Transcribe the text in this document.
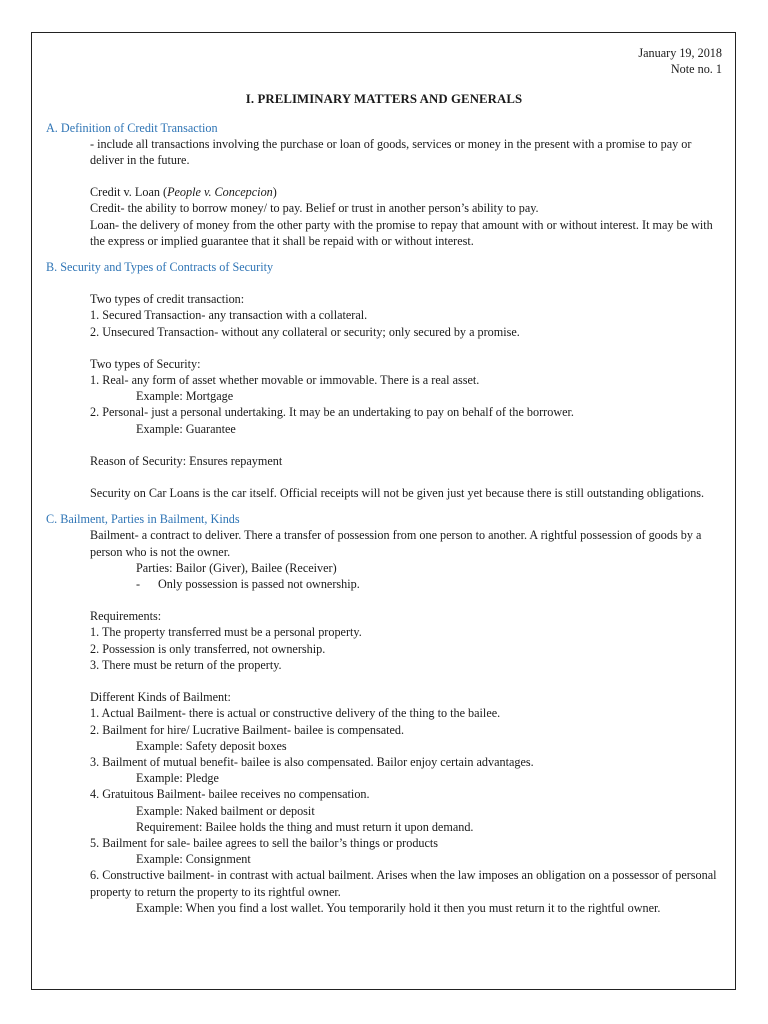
January 19, 2018
Note no. 1
I. PRELIMINARY MATTERS AND GENERALS
A. Definition of Credit Transaction
- include all transactions involving the purchase or loan of goods, services or money in the present with a promise to pay or deliver in the future.
Credit v. Loan (People v. Concepcion)
Credit- the ability to borrow money/ to pay. Belief or trust in another person’s ability to pay.
Loan- the delivery of money from the other party with the promise to repay that amount with or without interest. It may be with the express or implied guarantee that it shall be repaid with or without interest.
B. Security and Types of Contracts of Security
Two types of credit transaction:
1. Secured Transaction- any transaction with a collateral.
2. Unsecured Transaction- without any collateral or security; only secured by a promise.
Two types of Security:
1. Real- any form of asset whether movable or immovable. There is a real asset.
Example: Mortgage
2. Personal- just a personal undertaking. It may be an undertaking to pay on behalf of the borrower.
Example: Guarantee
Reason of Security: Ensures repayment
Security on Car Loans is the car itself. Official receipts will not be given just yet because there is still outstanding obligations.
C. Bailment, Parties in Bailment, Kinds
Bailment- a contract to deliver. There a transfer of possession from one person to another. A rightful possession of goods by a person who is not the owner.
Parties: Bailor (Giver), Bailee (Receiver)
- Only possession is passed not ownership.
Requirements:
1. The property transferred must be a personal property.
2. Possession is only transferred, not ownership.
3. There must be return of the property.
Different Kinds of Bailment:
1. Actual Bailment- there is actual or constructive delivery of the thing to the bailee.
2. Bailment for hire/ Lucrative Bailment- bailee is compensated.
Example: Safety deposit boxes
3. Bailment of mutual benefit- bailee is also compensated. Bailor enjoy certain advantages.
Example: Pledge
4. Gratuitous Bailment- bailee receives no compensation.
Example: Naked bailment or deposit
Requirement: Bailee holds the thing and must return it upon demand.
5. Bailment for sale- bailee agrees to sell the bailor’s things or products
Example: Consignment
6. Constructive bailment- in contrast with actual bailment. Arises when the law imposes an obligation on a possessor of personal property to return the property to its rightful owner.
Example: When you find a lost wallet. You temporarily hold it then you must return it to the rightful owner.
